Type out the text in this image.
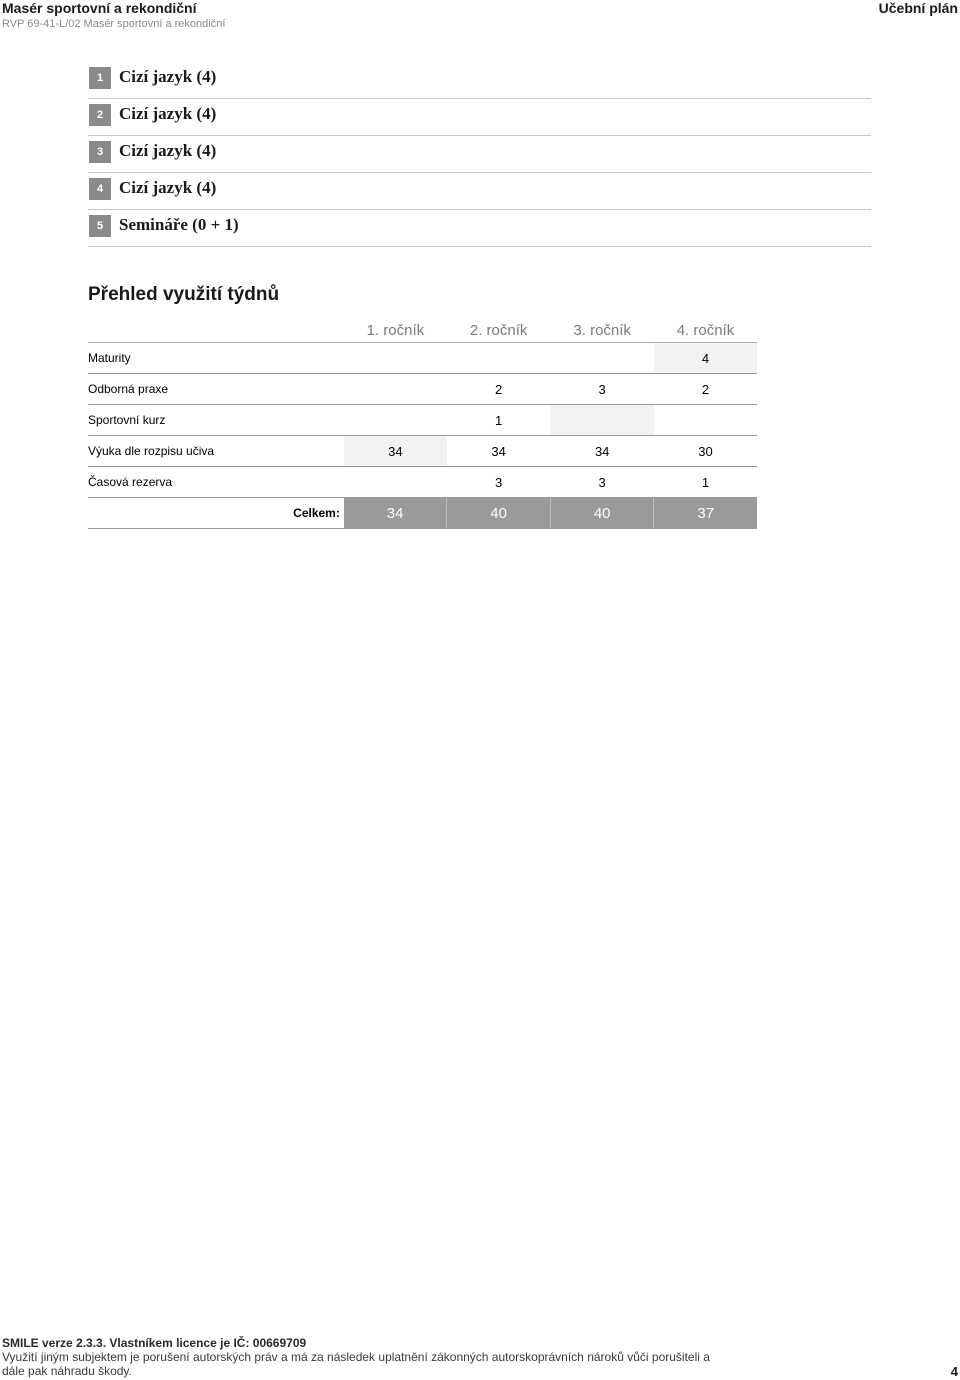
Masér sportovní a rekondiční
RVP 69-41-L/02 Masér sportovní a rekondiční
Učební plán
1 Cizí jazyk (4)
2 Cizí jazyk (4)
3 Cizí jazyk (4)
4 Cizí jazyk (4)
5 Semináře (0 + 1)
Přehled využití týdnů
	1. ročník	2. ročník	3. ročník	4. ročník
Maturity				4
Odborná praxe		2	3	2
Sportovní kurz		1		
Výuka dle rozpisu učiva	34	34	34	30
Časová rezerva		3	3	1
Celkem:	34	40	40	37
SMILE verze 2.3.3. Vlastníkem licence je IČ: 00669709
Využití jiným subjektem je porušení autorských práv a má za následek uplatnění zákonných autorskoprávních nároků vůči porušiteli a
dále pak náhradu škody.	4
